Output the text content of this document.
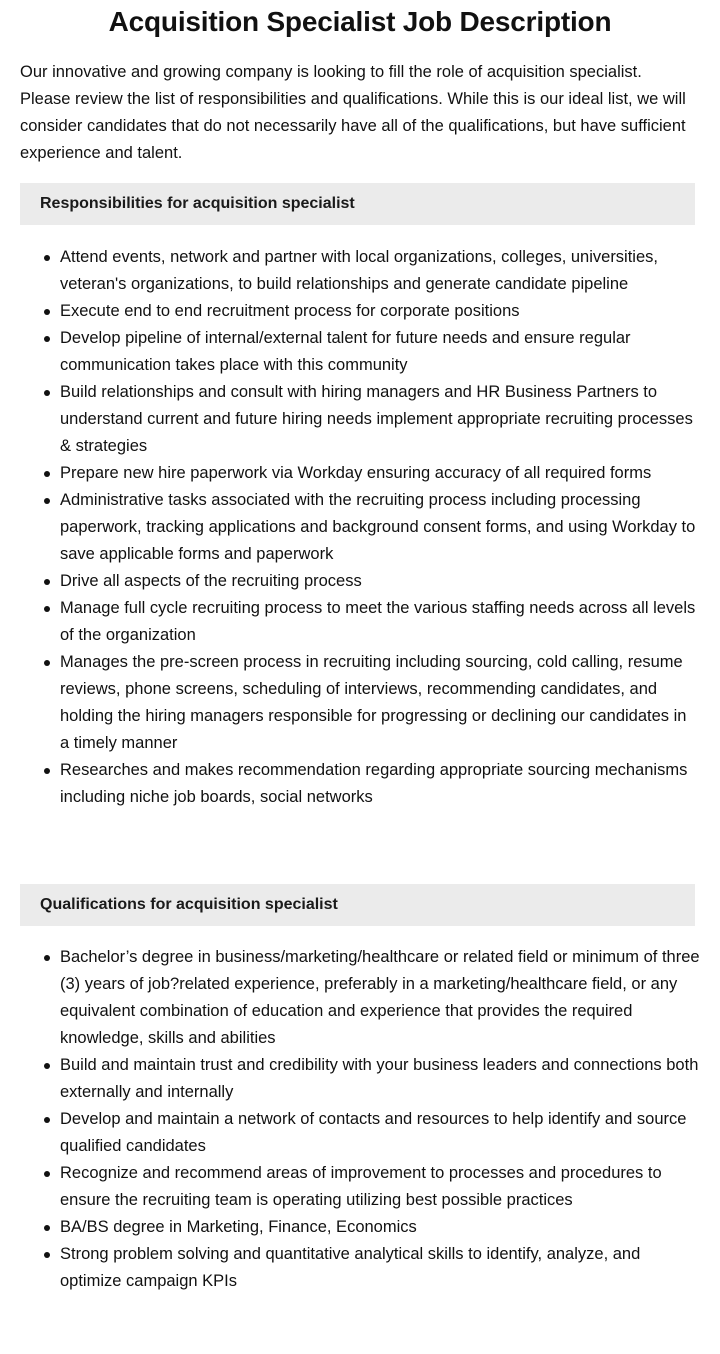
Acquisition Specialist Job Description

Our innovative and growing company is looking to fill the role of acquisition specialist. Please review the list of responsibilities and qualifications. While this is our ideal list, we will consider candidates that do not necessarily have all of the qualifications, but have sufficient experience and talent.

Responsibilities for acquisition specialist
Attend events, network and partner with local organizations, colleges, universities, veteran's organizations, to build relationships and generate candidate pipeline
Execute end to end recruitment process for corporate positions
Develop pipeline of internal/external talent for future needs and ensure regular communication takes place with this community
Build relationships and consult with hiring managers and HR Business Partners to understand current and future hiring needs implement appropriate recruiting processes & strategies
Prepare new hire paperwork via Workday ensuring accuracy of all required forms
Administrative tasks associated with the recruiting process including processing paperwork, tracking applications and background consent forms, and using Workday to save applicable forms and paperwork
Drive all aspects of the recruiting process
Manage full cycle recruiting process to meet the various staffing needs across all levels of the organization
Manages the pre-screen process in recruiting including sourcing, cold calling, resume reviews, phone screens, scheduling of interviews, recommending candidates, and holding the hiring managers responsible for progressing or declining our candidates in a timely manner
Researches and makes recommendation regarding appropriate sourcing mechanisms including niche job boards, social networks
Qualifications for acquisition specialist
Bachelor’s degree in business/marketing/healthcare or related field or minimum of three (3) years of job?related experience, preferably in a marketing/healthcare field, or any equivalent combination of education and experience that provides the required knowledge, skills and abilities
Build and maintain trust and credibility with your business leaders and connections both externally and internally
Develop and maintain a network of contacts and resources to help identify and source qualified candidates
Recognize and recommend areas of improvement to processes and procedures to ensure the recruiting team is operating utilizing best possible practices
BA/BS degree in Marketing, Finance, Economics
Strong problem solving and quantitative analytical skills to identify, analyze, and optimize campaign KPIs
